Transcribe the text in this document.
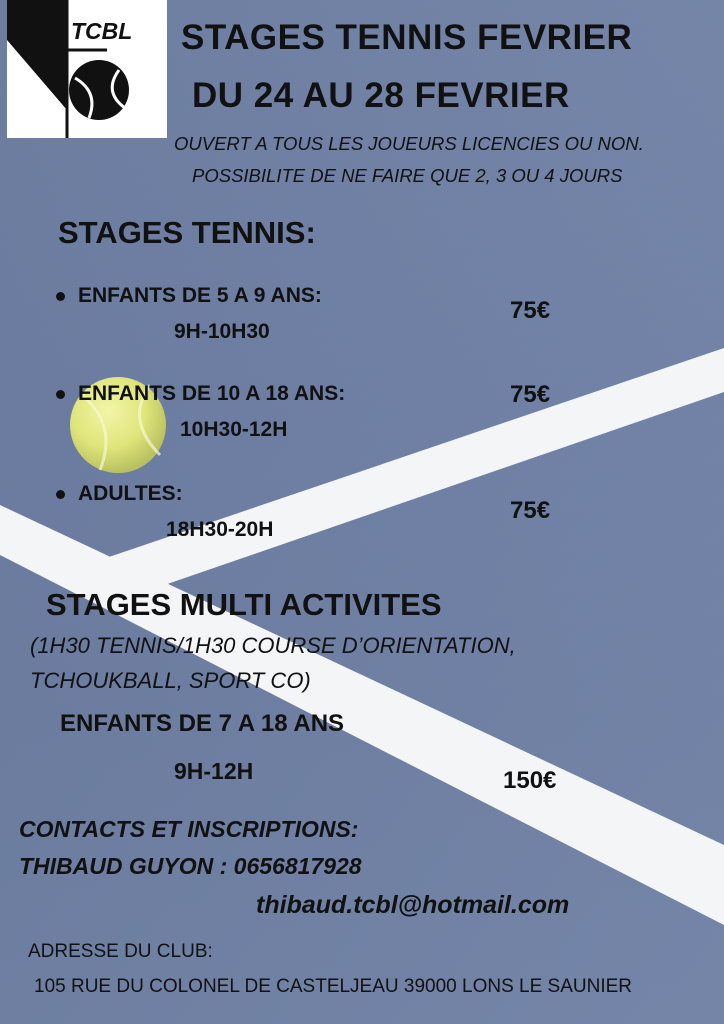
TCBL STAGES TENNIS FEVRIER
DU 24 AU 28 FEVRIER
OUVERT A TOUS LES JOUEURS LICENCIES OU NON.
POSSIBILITE DE NE FAIRE QUE 2, 3 OU 4 JOURS
STAGES TENNIS:
ENFANTS DE 5 A 9 ANS:
9H-10H30
75€
ENFANTS DE 10 A 18 ANS:
10H30-12H
75€
ADULTES:
18H30-20H
75€
STAGES MULTI ACTIVITES
(1H30 TENNIS/1H30 COURSE D’ORIENTATION,
TCHOUKBALL, SPORT CO)
ENFANTS DE 7 A 18 ANS
9H-12H	150€
CONTACTS ET INSCRIPTIONS:
THIBAUD GUYON : 0656817928
thibaud.tcbl@hotmail.com
ADRESSE DU CLUB:
105 RUE DU COLONEL DE CASTELJEAU 39000 LONS LE SAUNIER
